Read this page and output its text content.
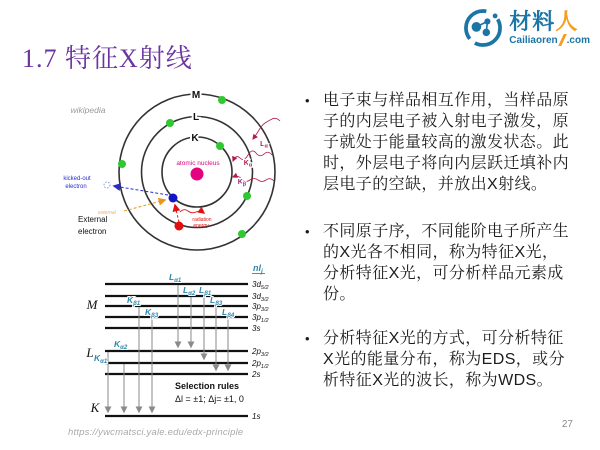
1.7 特征X射线
材料人
Cailiaoren .com
wikipedia
M
L
K
atomic nucleus
kicked-out
electron
external
External
electron
radiation
energy
$L_\alpha$
$K_\alpha$
$K_\beta$
M
L
K
$nl_j$
$3d_{5/2}$
$3d_{3/2}$
$3p_{3/2}$
$3p_{1/2}$
3s
$2p_{3/2}$
$2p_{1/2}$
2s
1s
$K_{\alpha 1}$
$K_{\alpha 2}$
$K_{\beta 1}$
$K_{\beta 3}$
$L_{\alpha 1}$
$L_{\alpha 2}$ $L_{\beta 1}$
$L_{\beta 3}$
$L_{\beta 4}$
Selection rules
Δl = ±1; Δj= ±1, 0
• 电子束与样品相互作用，当样品原
子的内层电子被入射电子激发，原
子就处于能量较高的激发状态。此
时，外层电子将向内层跃迁填补内
层电子的空缺，并放出X射线。
• 不同原子序，不同能阶电子所产生
的X光各不相同，称为特征X光，
分析特征X光，可分析样品元素成
份。
• 分析特征X光的方式，可分析特征
X光的能量分布，称为EDS，或分
析特征X光的波长，称为WDS。
https://ywcmatsci.yale.edu/edx-principle
27
